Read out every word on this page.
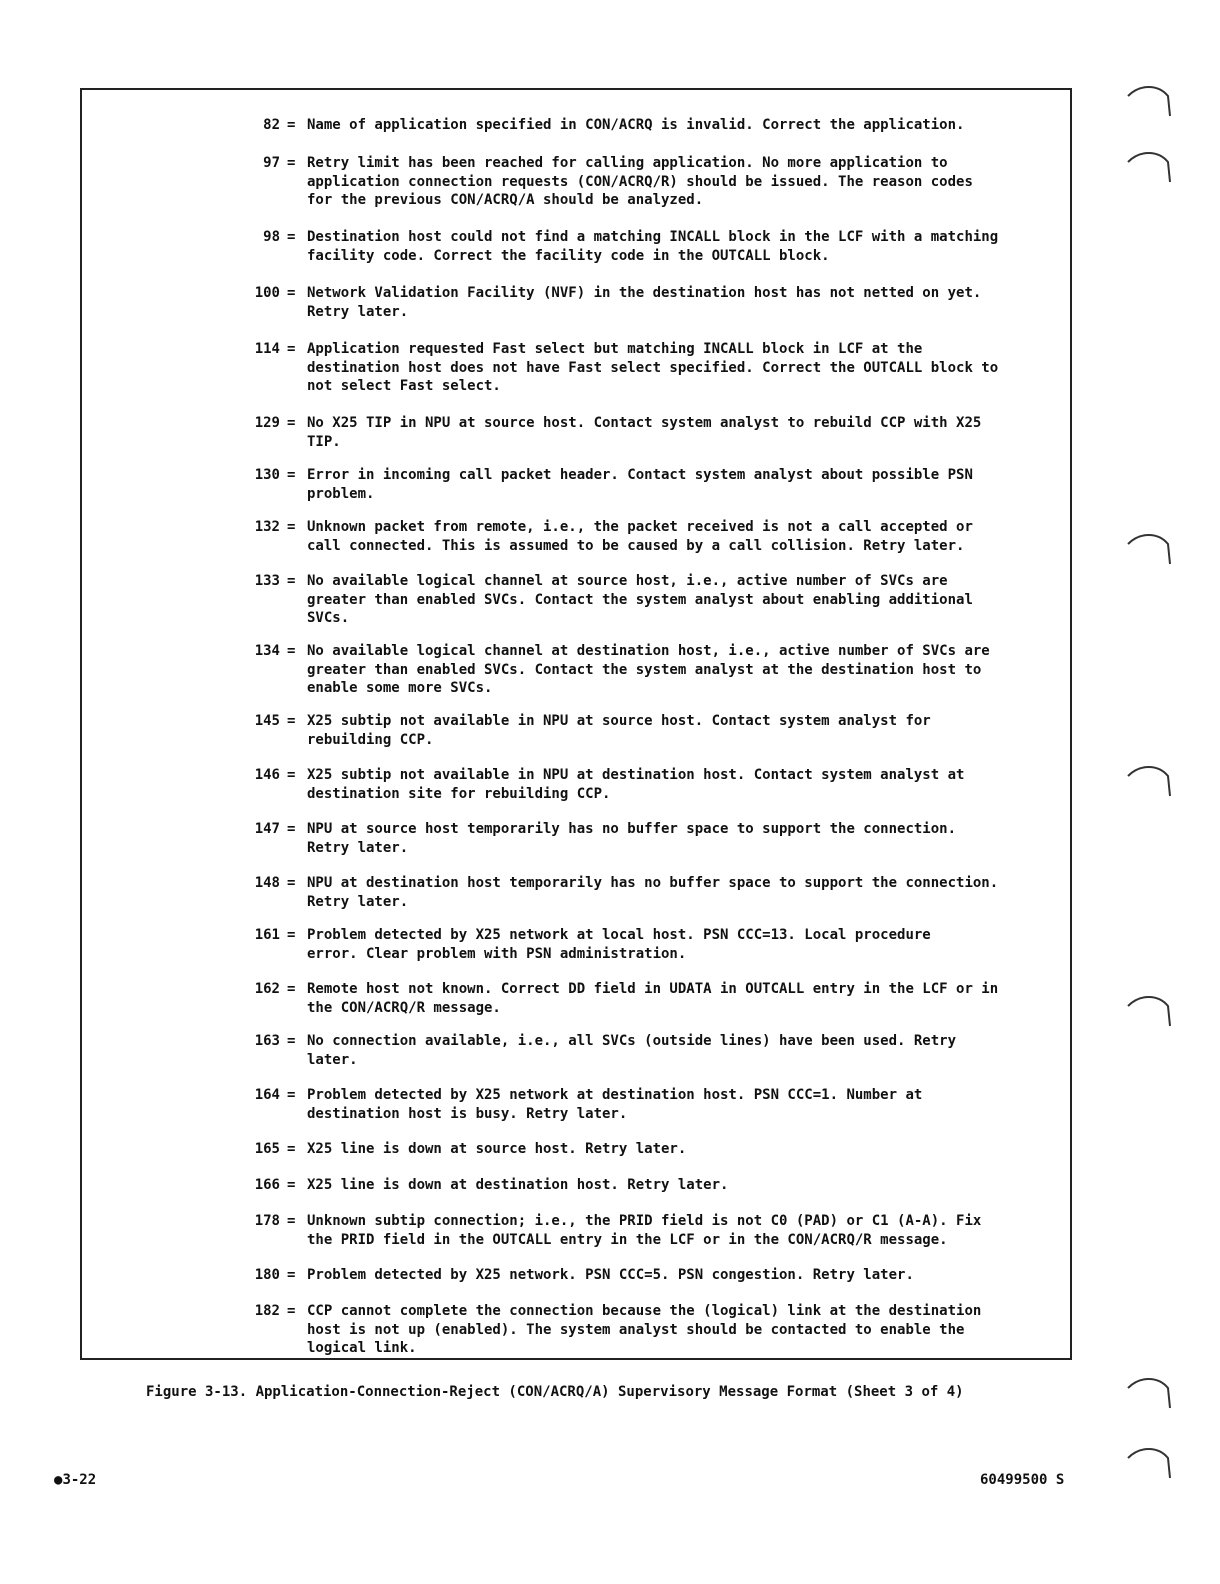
82 = Name of application specified in CON/ACRQ is invalid. Correct the application.
97 = Retry limit has been reached for calling application. No more application to
application connection requests (CON/ACRQ/R) should be issued. The reason codes
for the previous CON/ACRQ/A should be analyzed.
98 = Destination host could not find a matching INCALL block in the LCF with a matching
facility code. Correct the facility code in the OUTCALL block.
100 = Network Validation Facility (NVF) in the destination host has not netted on yet.
Retry later.
114 = Application requested Fast select but matching INCALL block in LCF at the
destination host does not have Fast select specified. Correct the OUTCALL block to
not select Fast select.
129 = No X25 TIP in NPU at source host. Contact system analyst to rebuild CCP with X25
TIP.
130 = Error in incoming call packet header. Contact system analyst about possible PSN
problem.
132 = Unknown packet from remote, i.e., the packet received is not a call accepted or
call connected. This is assumed to be caused by a call collision. Retry later.
133 = No available logical channel at source host, i.e., active number of SVCs are
greater than enabled SVCs. Contact the system analyst about enabling additional
SVCs.
134 = No available logical channel at destination host, i.e., active number of SVCs are
greater than enabled SVCs. Contact the system analyst at the destination host to
enable some more SVCs.
145 = X25 subtip not available in NPU at source host. Contact system analyst for
rebuilding CCP.
146 = X25 subtip not available in NPU at destination host. Contact system analyst at
destination site for rebuilding CCP.
147 = NPU at source host temporarily has no buffer space to support the connection.
Retry later.
148 = NPU at destination host temporarily has no buffer space to support the connection.
Retry later.
161 = Problem detected by X25 network at local host. PSN CCC=13. Local procedure
error. Clear problem with PSN administration.
162 = Remote host not known. Correct DD field in UDATA in OUTCALL entry in the LCF or in
the CON/ACRQ/R message.
163 = No connection available, i.e., all SVCs (outside lines) have been used. Retry
later.
164 = Problem detected by X25 network at destination host. PSN CCC=1. Number at
destination host is busy. Retry later.
165 = X25 line is down at source host. Retry later.
166 = X25 line is down at destination host. Retry later.
178 = Unknown subtip connection; i.e., the PRID field is not C0 (PAD) or C1 (A-A). Fix
the PRID field in the OUTCALL entry in the LCF or in the CON/ACRQ/R message.
180 = Problem detected by X25 network. PSN CCC=5. PSN congestion. Retry later.
182 = CCP cannot complete the connection because the (logical) link at the destination
host is not up (enabled). The system analyst should be contacted to enable the
logical link.
Figure 3-13. Application-Connection-Reject (CON/ACRQ/A) Supervisory Message Format (Sheet 3 of 4)
●3-22	60499500 S
